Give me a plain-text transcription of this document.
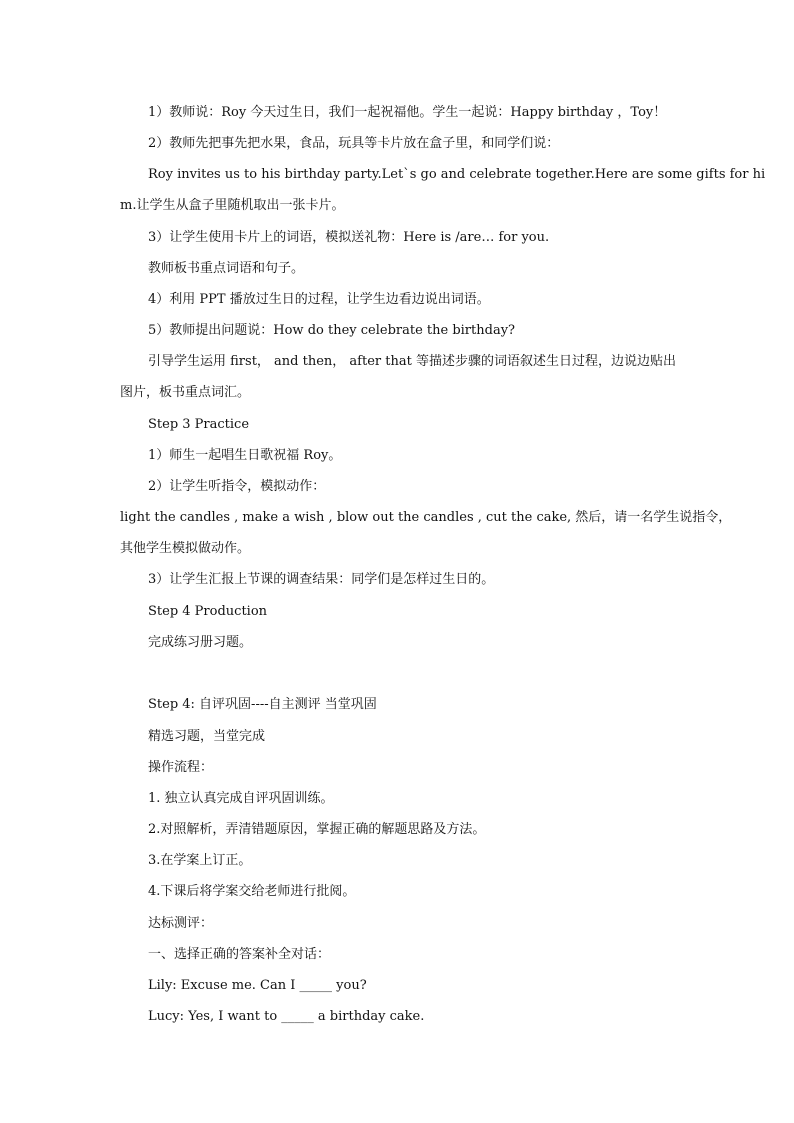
1）教师说：Roy 今天过生日，我们一起祝福他。学生一起说：Happy birthday ，Toy！
2）教师先把事先把水果，食品，玩具等卡片放在盒子里，和同学们说：
Roy invites us to his birthday party.Let`s go and celebrate together.Here are some gifts for hi
m.让学生从盒子里随机取出一张卡片。
3）让学生使用卡片上的词语，模拟送礼物：Here is /are… for you.
教师板书重点词语和句子。
4）利用 PPT 播放过生日的过程，让学生边看边说出词语。
5）教师提出问题说：How do they celebrate the birthday?
引导学生运用 first， and then， after that 等描述步骤的词语叙述生日过程，边说边贴出
图片，板书重点词汇。
Step 3 Practice
1）师生一起唱生日歌祝福 Roy。
2）让学生听指令，模拟动作：
light the candles , make a wish , blow out the candles , cut the cake, 然后，请一名学生说指令，
其他学生模拟做动作。
3）让学生汇报上节课的调查结果：同学们是怎样过生日的。
Step 4 Production
完成练习册习题。
Step 4: 自评巩固----自主测评 当堂巩固
精选习题，当堂完成
操作流程：
1. 独立认真完成自评巩固训练。
2.对照解析，弄清错题原因，掌握正确的解题思路及方法。
3.在学案上订正。
4.下课后将学案交给老师进行批阅。
达标测评：
一、选择正确的答案补全对话：
Lily: Excuse me. Can I _____ you?
Lucy: Yes, I want to _____ a birthday cake.
